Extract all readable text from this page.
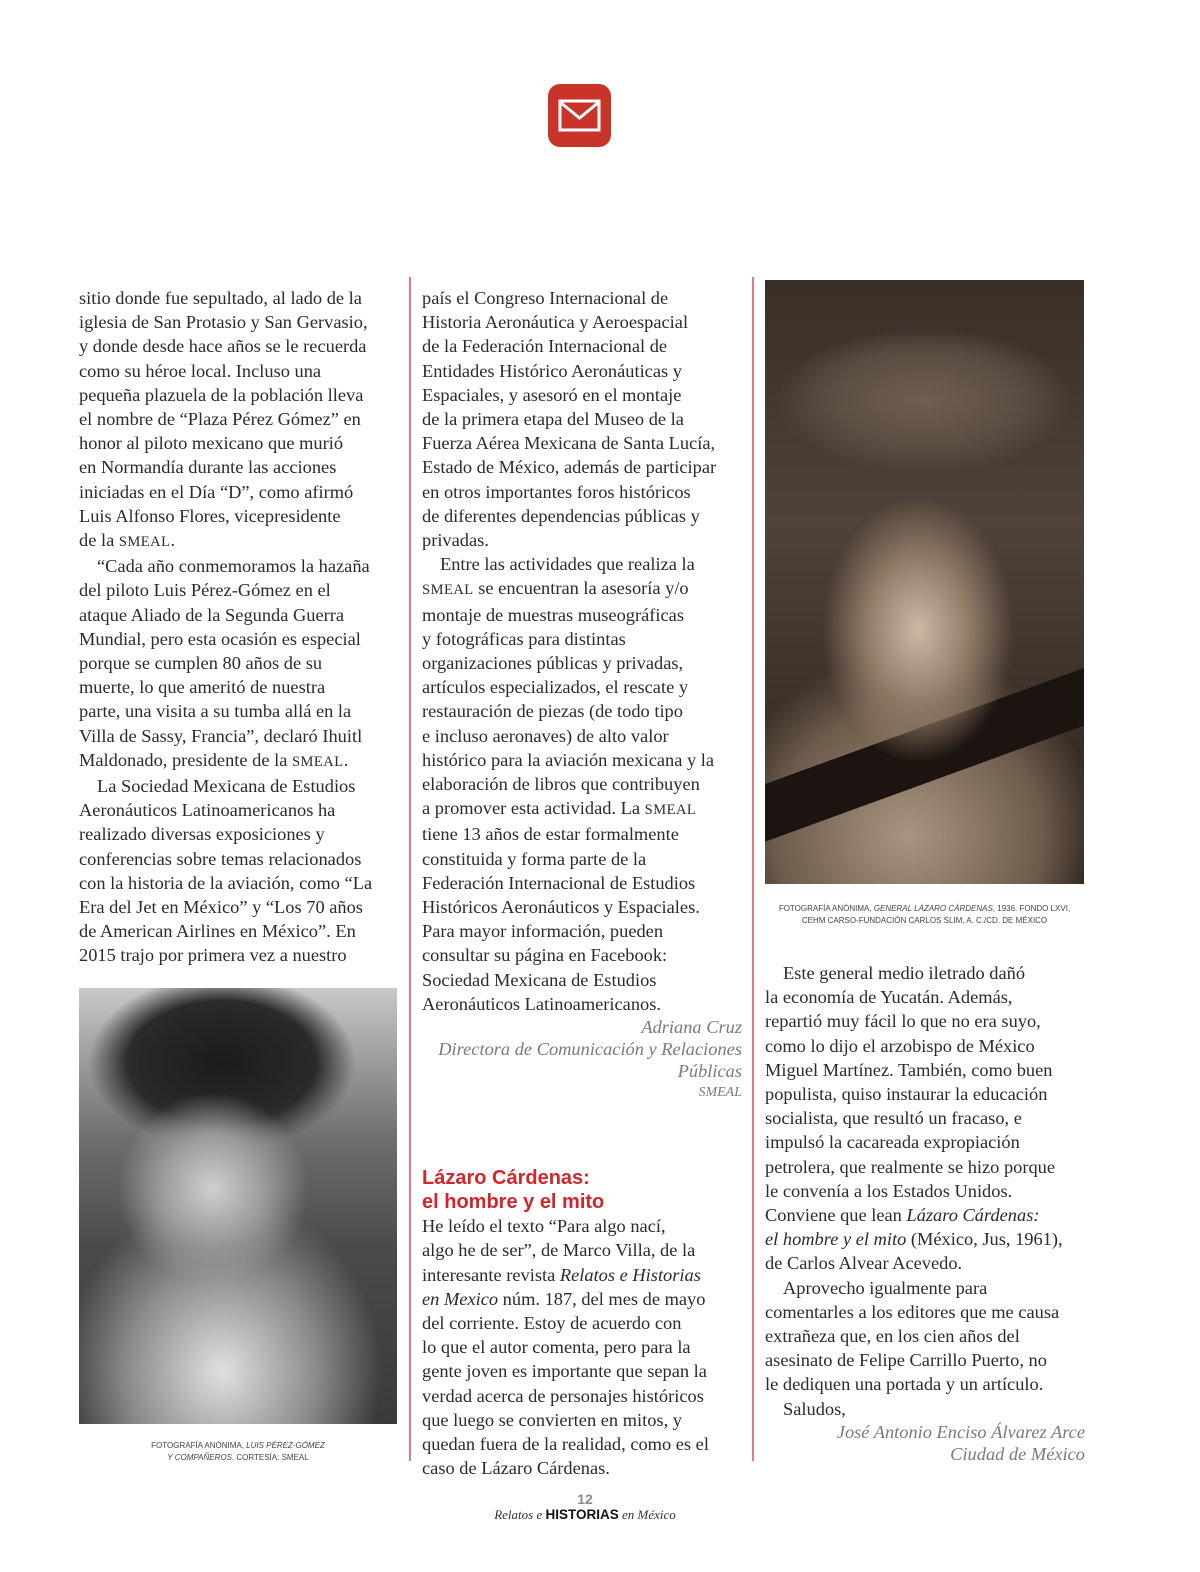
sitio donde fue sepultado, al lado de la
iglesia de San Protasio y San Gervasio,
y donde desde hace años se le recuerda
como su héroe local. Incluso una
pequeña plazuela de la población lleva
el nombre de “Plaza Pérez Gómez” en
honor al piloto mexicano que murió
en Normandía durante las acciones
iniciadas en el Día “D”, como afirmó
Luis Alfonso Flores, vicepresidente
de la SMEAL.

“Cada año conmemoramos la hazaña
del piloto Luis Pérez-Gómez en el
ataque Aliado de la Segunda Guerra
Mundial, pero esta ocasión es especial
porque se cumplen 80 años de su
muerte, lo que ameritó de nuestra
parte, una visita a su tumba allá en la
Villa de Sassy, Francia”, declaró Ihuitl
Maldonado, presidente de la SMEAL.

La Sociedad Mexicana de Estudios
Aeronáuticos Latinoamericanos ha
realizado diversas exposiciones y
conferencias sobre temas relacionados
con la historia de la aviación, como “La
Era del Jet en México” y “Los 70 años
de American Airlines en México”. En
2015 trajo por primera vez a nuestro

FOTOGRAFÍA ANÓNIMA, LUIS PÉREZ-GÓMEZ
Y COMPAÑEROS. CORTESÍA: SMEAL

país el Congreso Internacional de
Historia Aeronáutica y Aeroespacial
de la Federación Internacional de
Entidades Histórico Aeronáuticas y
Espaciales, y asesoró en el montaje
de la primera etapa del Museo de la
Fuerza Aérea Mexicana de Santa Lucía,
Estado de México, además de participar
en otros importantes foros históricos
de diferentes dependencias públicas y
privadas.

Entre las actividades que realiza la
SMEAL se encuentran la asesoría y/o
montaje de muestras museográficas
y fotográficas para distintas
organizaciones públicas y privadas,
artículos especializados, el rescate y
restauración de piezas (de todo tipo
e incluso aeronaves) de alto valor
histórico para la aviación mexicana y la
elaboración de libros que contribuyen
a promover esta actividad. La SMEAL
tiene 13 años de estar formalmente
constituida y forma parte de la
Federación Internacional de Estudios
Históricos Aeronáuticos y Espaciales.
Para mayor información, pueden
consultar su página en Facebook:
Sociedad Mexicana de Estudios
Aeronáuticos Latinoamericanos.

Adriana Cruz
Directora de Comunicación y Relaciones
Públicas
SMEAL
Lázaro Cárdenas:
el hombre y el mito

He leído el texto “Para algo nací,
algo he de ser”, de Marco Villa, de la
interesante revista Relatos e Historias
en Mexico núm. 187, del mes de mayo
del corriente. Estoy de acuerdo con
lo que el autor comenta, pero para la
gente joven es importante que sepan la
verdad acerca de personajes históricos
que luego se convierten en mitos, y
quedan fuera de la realidad, como es el
caso de Lázaro Cárdenas.

FOTOGRAFÍA ANÓNIMA, GENERAL LÁZARO CÁRDENAS, 1936. FONDO LXVI,
CEHM CARSO-FUNDACIÓN CARLOS SLIM, A. C./CD. DE MÉXICO

Este general medio iletrado dañó
la economía de Yucatán. Además,
repartió muy fácil lo que no era suyo,
como lo dijo el arzobispo de México
Miguel Martínez. También, como buen
populista, quiso instaurar la educación
socialista, que resultó un fracaso, e
impulsó la cacareada expropiación
petrolera, que realmente se hizo porque
le convenía a los Estados Unidos.
Conviene que lean Lázaro Cárdenas:
el hombre y el mito (México, Jus, 1961),
de Carlos Alvear Acevedo.

Aprovecho igualmente para
comentarles a los editores que me causa
extrañeza que, en los cien años del
asesinato de Felipe Carrillo Puerto, no
le dediquen una portada y un artículo.
Saludos,

José Antonio Enciso Álvarez Arce
Ciudad de México
12
Relatos e HISTORIAS en México
